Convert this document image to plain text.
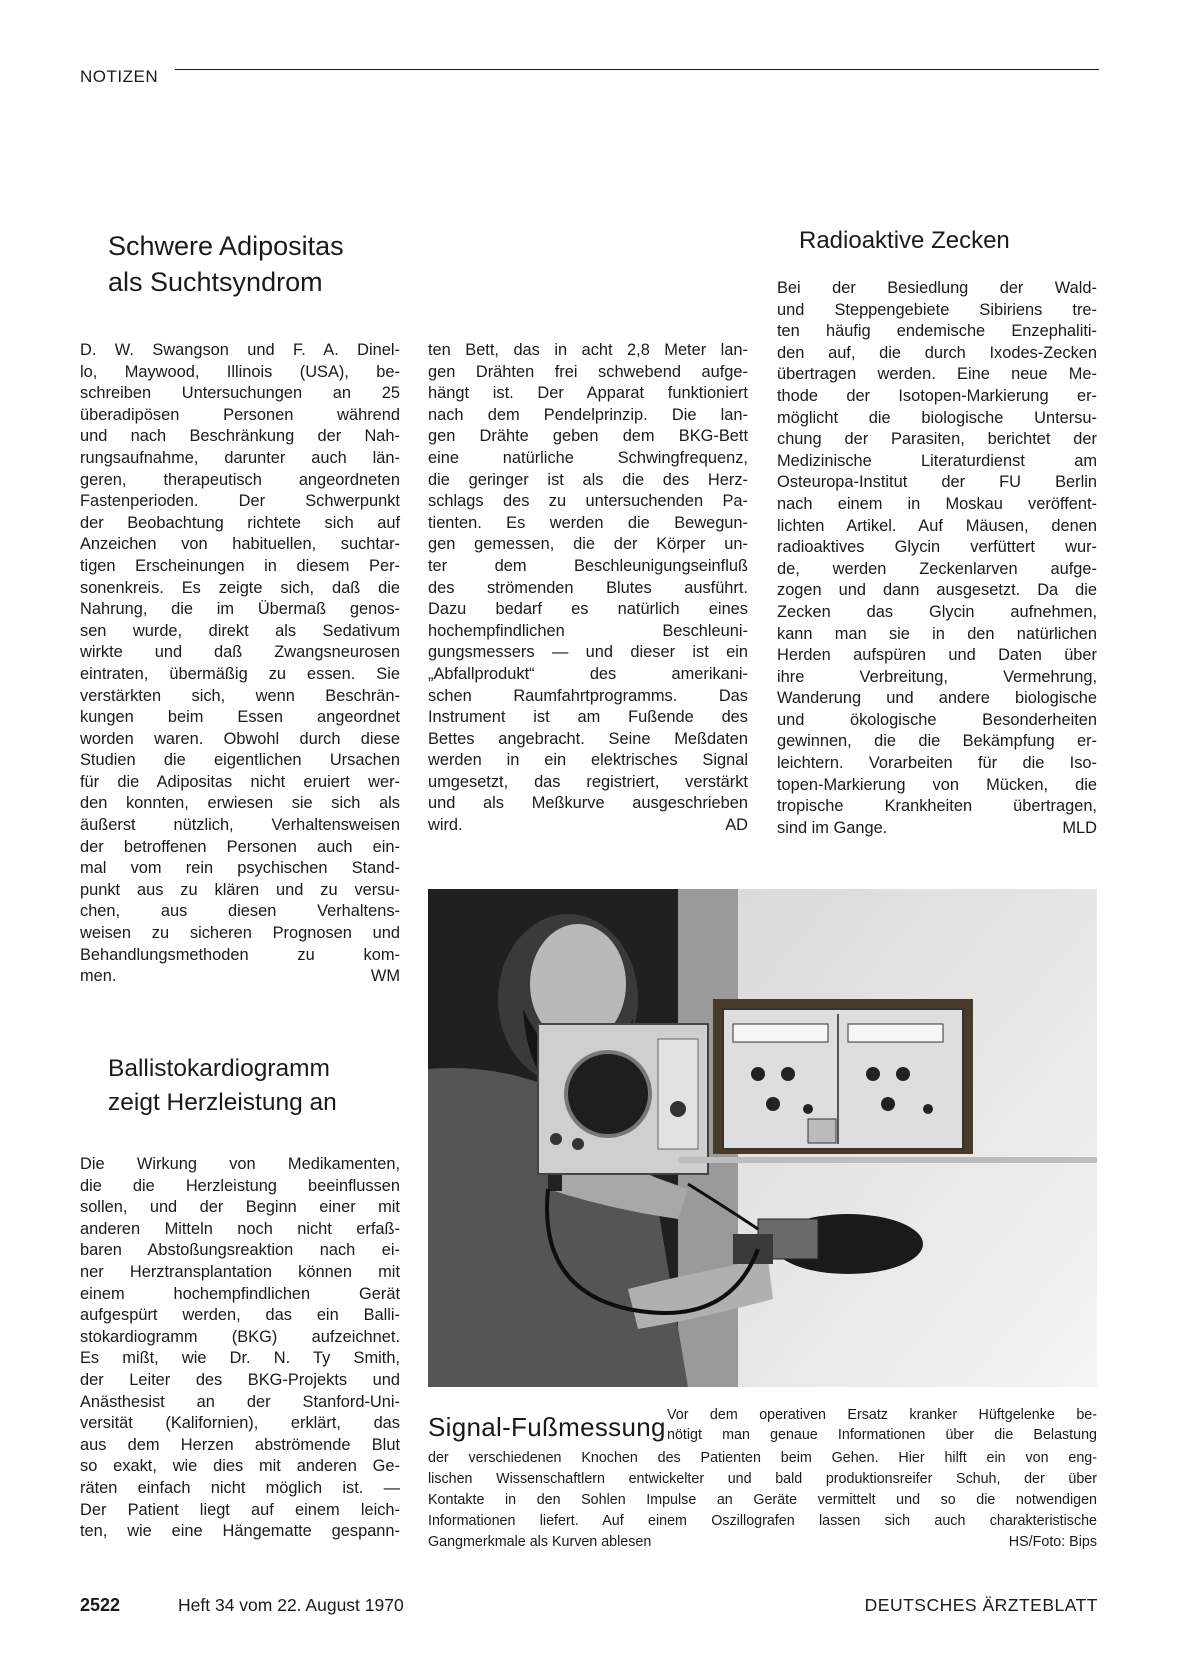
NOTIZEN
Schwere Adipositas
als Suchtsyndrom
D. W. Swangson und F. A. Dinel-
lo, Maywood, Illinois (USA), be-
schreiben Untersuchungen an 25
überadipösen Personen während
und nach Beschränkung der Nah-
rungsaufnahme, darunter auch län-
geren, therapeutisch angeordneten
Fastenperioden. Der Schwerpunkt
der Beobachtung richtete sich auf
Anzeichen von habituellen, suchtar-
tigen Erscheinungen in diesem Per-
sonenkreis. Es zeigte sich, daß die
Nahrung, die im Übermaß genos-
sen wurde, direkt als Sedativum
wirkte und daß Zwangsneurosen
eintraten, übermäßig zu essen. Sie
verstärkten sich, wenn Beschrän-
kungen beim Essen angeordnet
worden waren. Obwohl durch diese
Studien die eigentlichen Ursachen
für die Adipositas nicht eruiert wer-
den konnten, erwiesen sie sich als
äußerst nützlich, Verhaltensweisen
der betroffenen Personen auch ein-
mal vom rein psychischen Stand-
punkt aus zu klären und zu versu-
chen, aus diesen Verhaltens-
weisen zu sicheren Prognosen und
Behandlungsmethoden zu kom-
men.	WM
Ballistokardiogramm
zeigt Herzleistung an
Die Wirkung von Medikamenten,
die die Herzleistung beeinflussen
sollen, und der Beginn einer mit
anderen Mitteln noch nicht erfaß-
baren Abstoßungsreaktion nach ei-
ner Herztransplantation können mit
einem hochempfindlichen Gerät
aufgespürt werden, das ein Balli-
stokardiogramm (BKG) aufzeichnet.
Es mißt, wie Dr. N. Ty Smith,
der Leiter des BKG-Projekts und
Anästhesist an der Stanford-Uni-
versität (Kalifornien), erklärt, das
aus dem Herzen abströmende Blut
so exakt, wie dies mit anderen Ge-
räten einfach nicht möglich ist. —
Der Patient liegt auf einem leich-
ten, wie eine Hängematte gespann-
ten Bett, das in acht 2,8 Meter lan-
gen Drähten frei schwebend aufge-
hängt ist. Der Apparat funktioniert
nach dem Pendelprinzip. Die lan-
gen Drähte geben dem BKG-Bett
eine natürliche Schwingfrequenz,
die geringer ist als die des Herz-
schlags des zu untersuchenden Pa-
tienten. Es werden die Bewegun-
gen gemessen, die der Körper un-
ter dem Beschleunigungseinfluß
des strömenden Blutes ausführt.
Dazu bedarf es natürlich eines
hochempfindlichen Beschleuni-
gungsmessers — und dieser ist ein
„Abfallprodukt“ des amerikani-
schen Raumfahrtprogramms. Das
Instrument ist am Fußende des
Bettes angebracht. Seine Meßdaten
werden in ein elektrisches Signal
umgesetzt, das registriert, verstärkt
und als Meßkurve ausgeschrieben
wird.	AD
Radioaktive Zecken
Bei der Besiedlung der Wald-
und Steppengebiete Sibiriens tre-
ten häufig endemische Enzephaliti-
den auf, die durch Ixodes-Zecken
übertragen werden. Eine neue Me-
thode der Isotopen-Markierung er-
möglicht die biologische Untersu-
chung der Parasiten, berichtet der
Medizinische Literaturdienst am
Osteuropa-Institut der FU Berlin
nach einem in Moskau veröffent-
lichten Artikel. Auf Mäusen, denen
radioaktives Glycin verfüttert wur-
de, werden Zeckenlarven aufge-
zogen und dann ausgesetzt. Da die
Zecken das Glycin aufnehmen,
kann man sie in den natürlichen
Herden aufspüren und Daten über
ihre Verbreitung, Vermehrung,
Wanderung und andere biologische
und ökologische Besonderheiten
gewinnen, die die Bekämpfung er-
leichtern. Vorarbeiten für die Iso-
topen-Markierung von Mücken, die
tropische Krankheiten übertragen,
sind im Gange.	MLD
Signal-Fußmessung Vor dem operativen Ersatz kranker Hüftgelenke be-
nötigt man genaue Informationen über die Belastung
der verschiedenen Knochen des Patienten beim Gehen. Hier hilft ein von eng-
lischen Wissenschaftlern entwickelter und bald produktionsreifer Schuh, der über
Kontakte in den Sohlen Impulse an Geräte vermittelt und so die notwendigen
Informationen liefert. Auf einem Oszillografen lassen sich auch charakteristische
Gangmerkmale als Kurven ablesen	HS/Foto: Bips
2522	Heft 34 vom 22. August 1970	DEUTSCHES ÄRZTEBLATT
